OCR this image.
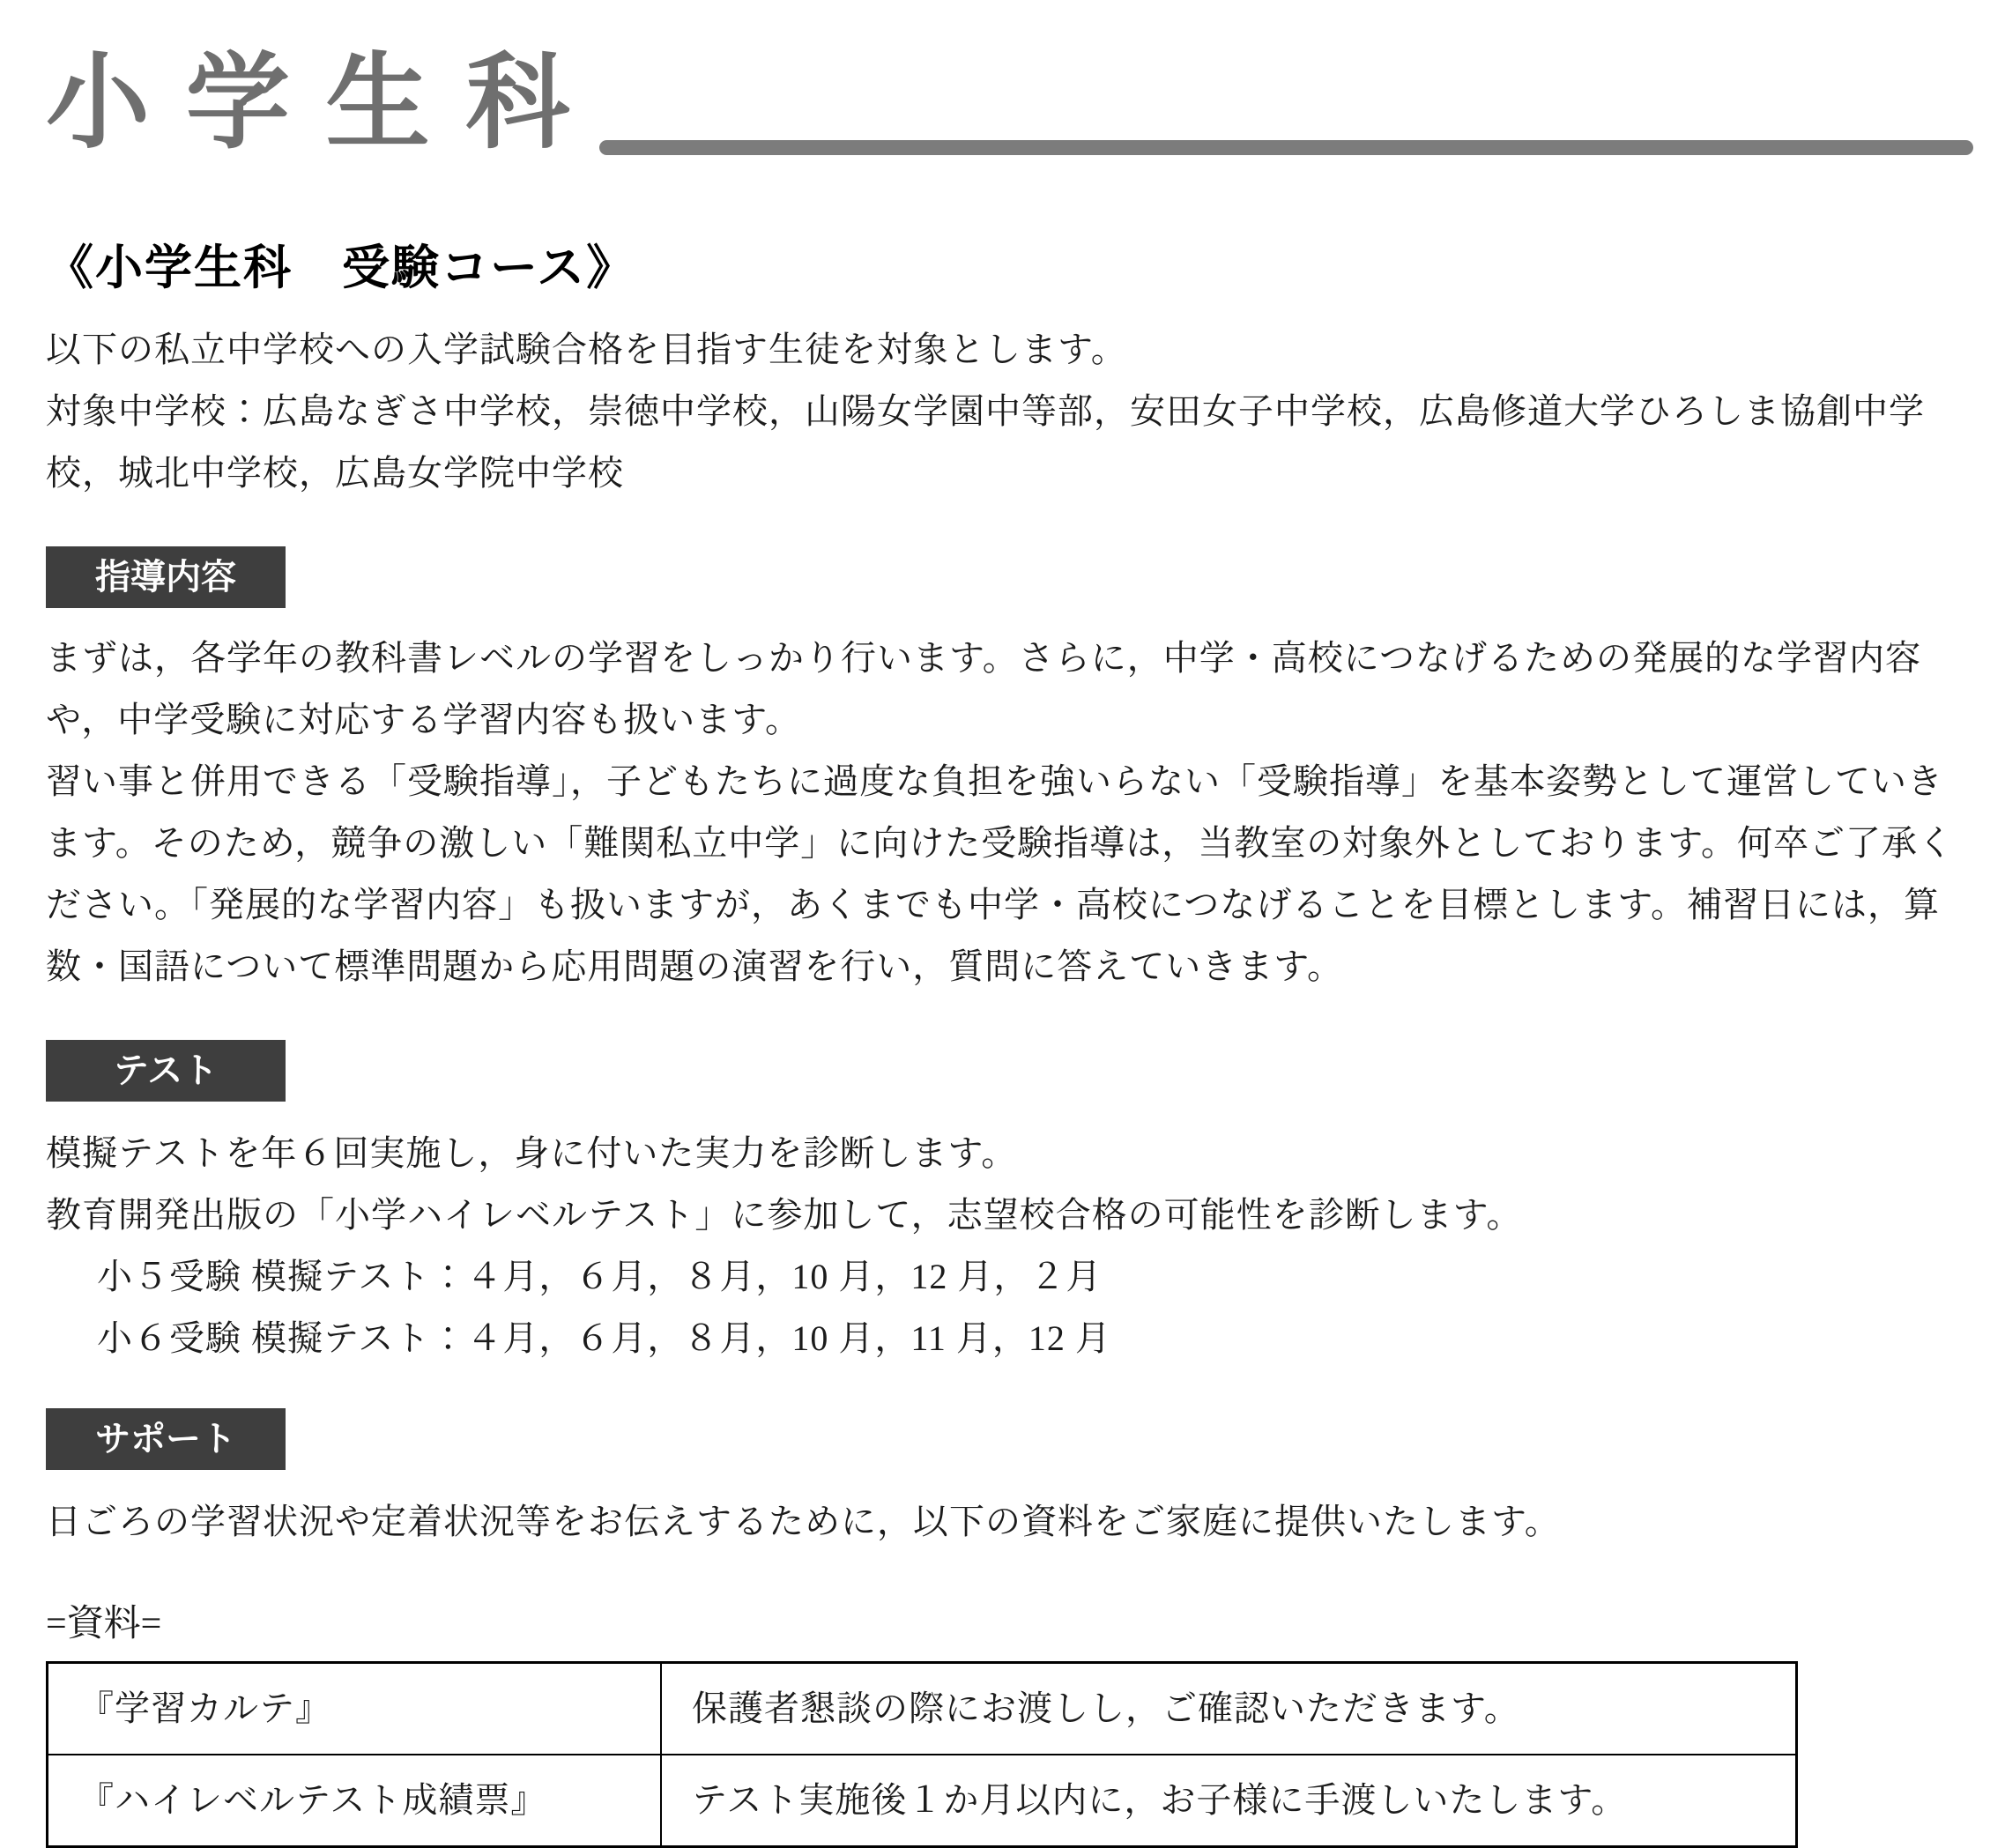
小 学 生 科
《小学生科　受験コース》

以下の私立中学校への入学試験合格を目指す生徒を対象とします。

対象中学校：広島なぎさ中学校，崇徳中学校，山陽女学園中等部，安田女子中学校，広島修道大学ひろしま協創中学校，城北中学校，広島女学院中学校

指導内容

まずは，各学年の教科書レベルの学習をしっかり行います。さらに，中学・高校につなげるための発展的な学習内容や，中学受験に対応する学習内容も扱います。

習い事と併用できる「受験指導」，子どもたちに過度な負担を強いらない「受験指導」を基本姿勢として運営していきます。そのため，競争の激しい「難関私立中学」に向けた受験指導は，当教室の対象外としております。何卒ご了承ください。「発展的な学習内容」も扱いますが，あくまでも中学・高校につなげることを目標とします。補習日には，算数・国語について標準問題から応用問題の演習を行い，質問に答えていきます。

テスト

模擬テストを年６回実施し，身に付いた実力を診断します。

教育開発出版の「小学ハイレベルテスト」に参加して，志望校合格の可能性を診断します。

小５受験 模擬テスト：４月，６月，８月，10 月，12 月，２月

小６受験 模擬テスト：４月，６月，８月，10 月，11 月，12 月

サポート

日ごろの学習状況や定着状況等をお伝えするために，以下の資料をご家庭に提供いたします。

=資料=
『学習カルテ』	保護者懇談の際にお渡しし，ご確認いただきます。
『ハイレベルテスト成績票』	テスト実施後１か月以内に，お子様に手渡しいたします。
